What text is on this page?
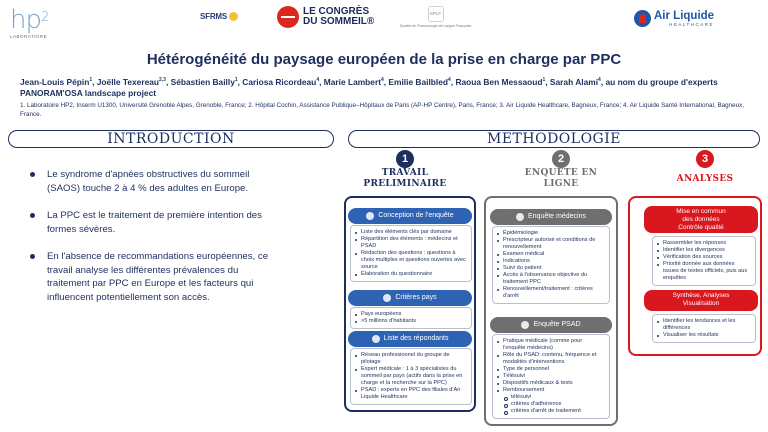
$hp^2$
LABORATOIRE
SFRMS	LE CONGRÈS
DU SOMMEIL®
SPLF
Société de Pneumologie de Langue Française
Air Liquide
HEALTHCARE
Hétérogénéité du paysage européen de la prise en charge par PPC
Jean-Louis Pépin$^1$, Joëlle Texereau$^{2,3}$, Sébastien Bailly$^1$, Cariosa Ricordeau$^4$, Marie Lambert$^4$, Emilie Bailbled$^4$, Raoua Ben Messaoud$^1$, Sarah Alami$^4$, au nom du groupe d'experts PANORAM'OSA landscape project
1. Laboratoire HP2, Inserm U1300, Université Grenoble Alpes, Grenoble, France; 2. Hôpital Cochin, Assistance Publique–Hôpitaux de Paris (AP-HP Centre), Paris, France; 3. Air Liquide Healthcare, Bagneux, France; 4. Air Liquide Santé International, Bagneux, France.
INTRODUCTION
Le syndrome d'apnées obstructives du sommeil (SAOS) touche 2 à 4 % des adultes en Europe.
La PPC est le traitement de première intention des formes sévères.
En l'absence de recommandations européennes, ce travail analyse les différentes prévalences du traitement par PPC en Europe et les facteurs qui influencent potentiellement son accès.
METHODOLOGIE
1
TRAVAIL
PRELIMINAIRE
Conception de l'enquête
Liste des éléments clés par domaine
Répartition des éléments : médecins et PSAD
Rédaction des questions : questions à choix multiples et questions ouvertes avec source
Élaboration du questionnaire
Critères pays
Pays européens
>5 millions d'habitants
Liste des répondants
Réseau professionnel du groupe de pilotage
Expert médicale : 1 à 3 spécialistes du sommeil par pays (actifs dans la prise en charge et la recherche sur la PPC)
PSAD : experts en PPC des filiales d'Air Liquide Healthcare
2
ENQUÊTE EN
LIGNE
Enquête médecins
Épidémiologie
Prescripteur autorisé et conditions de renouvellement
Examen médical
Indications
Suivi du patient
Accès à l'observance objective du traitement PPC
Renouvellement/traitement : critères d'arrêt
Enquête PSAD
Pratique médicale (comme pour l'enquête médecins)
Rôle du PSAD: contenu, fréquence et modalités d'interventions
Type de personnel
Télésuivi
Dispositifs médicaux & tests
Remboursement
télésuivi
critères d'adhérence
critères d'arrêt de traitement
3
ANALYSES
Mise en commun
des données
Contrôle qualité
Rassembler les réponses
Identifier les divergences
Vérification des sources
Priorité donnée aux données issues de textes officiels, puis aux enquêtes
Synthèse, Analyses
Visualisation
Identifier les tendances et les différences
Visualiser les résultats
